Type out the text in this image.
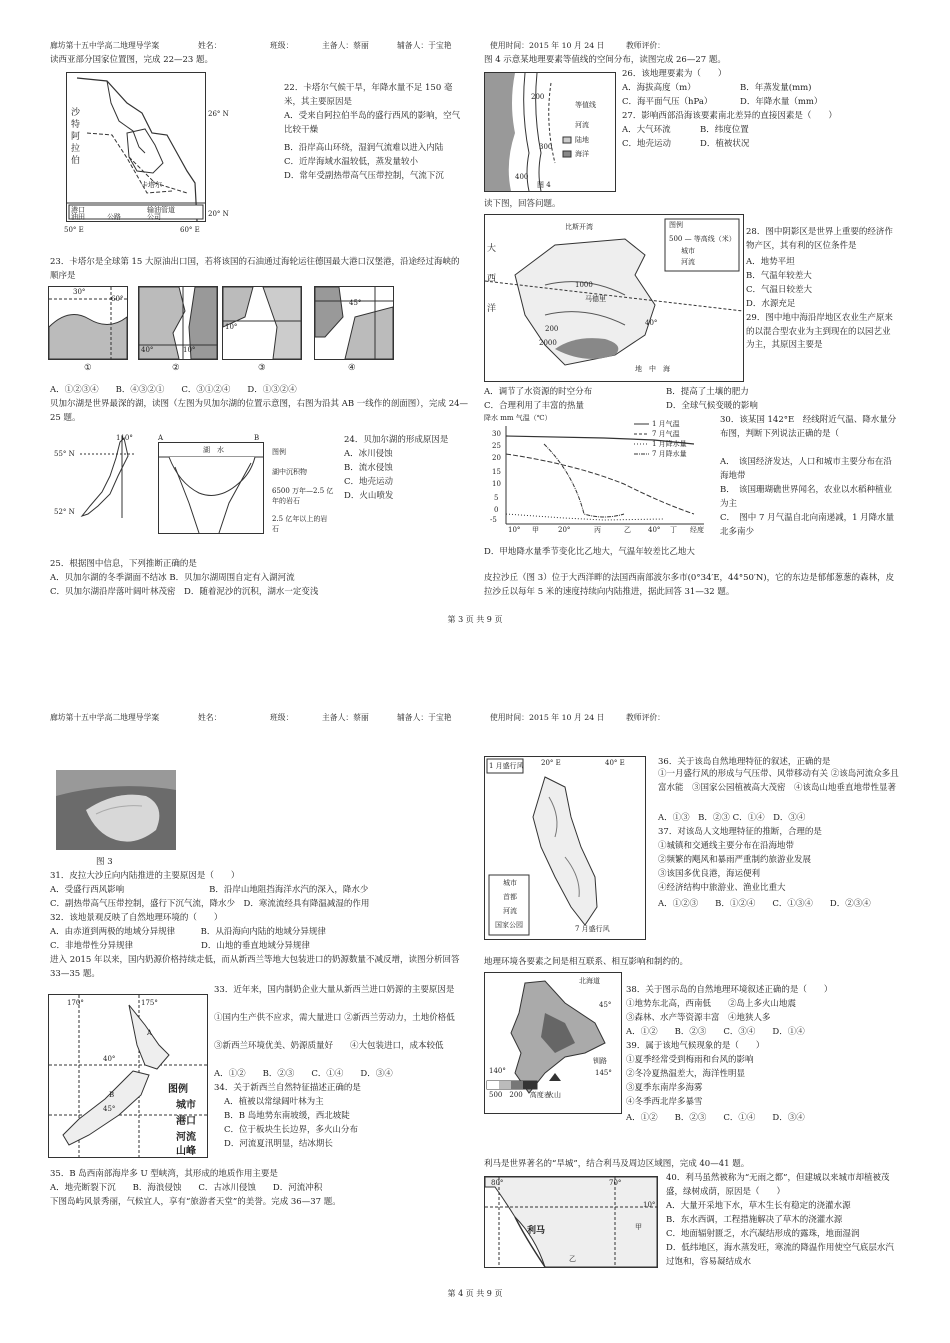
廊坊第十五中学高二地理导学案	姓名：	班级：	主备人：蔡丽	辅备人：于宝艳	使用时间：2015 年 10 月 24 日	教师评价：
读西亚部分国家位置图，完成 22—23 题。
沙
特
阿
拉
伯
卡塔尔
港口
油田	公路
输油管道
公司
26° N
20° N
50° E	60° E
22．卡塔尔气候干旱，年降水量不足 150 毫米，其主要原因是
A．受来自阿拉伯半岛的盛行西风的影响，空气比较干燥
B．沿岸高山环绕，湿润气流难以进入内陆
C．近岸海域水温较低，蒸发量较小
D．常年受副热带高气压带控制，气流下沉
23．卡塔尔是全球第 15 大原油出口国，若将该国的石油通过海轮运往德国最大港口汉堡港，沿途经过海峡的顺序是
30°
60°
40°	10°
10°
45°
①	②	③	④
A．①②③④　　B．④③②①　　C．③①②④　　D．①③②④
贝加尔湖是世界最深的湖，读图（左图为贝加尔湖的位置示意图，右图为沿其 AB 一线作的剖面图），完成 24—25 题。
110°
55° N
52° N
湖　水
A	B
图例
湖中沉积物
6500 万年—2.5 亿年的岩石
2.5 亿年以上的岩石
24．贝加尔湖的形成原因是
A．冰川侵蚀
B．流水侵蚀
C．地壳运动
D．火山喷发
25．根据图中信息，下列推断正确的是
A．贝加尔湖的冬季湖面不结冰 B．贝加尔湖周围自定有入湖河流
C．贝加尔湖沿岸落叶阔叶林茂密　D．随着泥沙的沉积，湖水一定变浅
图 4 示意某地理要素等值线的空间分布，读图完成 26—27 题。
等值线
河流
陆地
海洋
200
300
400
图 4
26．该地理要素为（　　）
A．海拔高度（m）	B．年蒸发量(mm)
C．海平面气压（hPa）	D．年降水量（mm）
27．影响西部沿海该要素南北差异的直接因素是（　　）
A．大气环流	B．纬度位置
C．地壳运动	D．植被状况
读下图，回答问题。
图例
500 — 等高线（米）
城市
河流
比斯开湾
大
西
洋
地　中　海
马德里
1000
200
2000
40°
28．图中阴影区是世界上重要的经济作物产区，其有利的区位条件是
A．地势平坦
B．气温年较差大
C．气温日较差大
D．水源充足
29．图中地中海沿岸地区农业生产原来的以混合型农业为主到现在的以园艺业为主，其原因主要是
A．调节了水资源的时空分布	B．提高了土壤的肥力
C．合理利用了丰富的热量	D．全球气候变暖的影响
降水 mm 气温（℃）
30
25
20
15
10
5
0
-5
10° 甲	20°	丙	乙 40° 丁 经度
1 月气温
7 月气温
1 月降水量
7 月降水量
30．该某国 142°E　经线附近气温、降水量分布图，判断下列说法正确的是（
A．　该国经济发达，人口和城市主要分布在沿海地带
B．　该国珊瑚礁世界闻名，农业以水稻种植业为主
C．　图中 7 月气温自北向南递减，1 月降水量北多南少
D．甲地降水量季节变化比乙地大，气温年较差比乙地大
皮拉沙丘（图 3）位于大西洋畔的法国西南部波尔多市(0°34′E，44°50′N)，它的东边是郁郁葱葱的森林，皮拉沙丘以每年 5 米的速度持续向内陆推进，据此回答 31—32 题。
第 3 页 共 9 页
廊坊第十五中学高二地理导学案	姓名：	班级：	主备人：蔡丽	辅备人：于宝艳	使用时间：2015 年 10 月 24 日	教师评价：
图 3
31．皮拉大沙丘向内陆推进的主要原因是（　　）
A．受盛行西风影响　　　　　　　　　　B．沿岸山地阻挡海洋水汽的深入，降水少
C．副热带高气压带控制，盛行下沉气流，降水少　D．寒流流经具有降温减湿的作用
32．该地景观反映了自然地理环境的（　　）
A．由赤道到两极的地域分异规律　　　B．从沿海向内陆的地域分异规律
C．非地带性分异规律　　　　　　　　D．山地的垂直地域分异规律
进入 2015 年以来，国内奶源价格持续走低，而从新西兰等地大包装进口的奶源数量不减反增，读图分析回答 33—35 题。
170°	175°
40°
45°
A
B	图例
城市
港口
河流
山峰
33．近年来，国内制奶企业大量从新西兰进口奶源的主要原因是
①国内生产供不应求，需大量进口 ②新西兰劳动力，土地价格低
③新西兰环境优美、奶源质量好　　④大包装进口，成本较低
A．①②　　B．②③　　C．①④　　D．③④
34．关于新西兰自然特征描述正确的是
A．植被以常绿阔叶林为主
B．B 岛地势东南坡缓，西北坡陡
C．位于板块生长边界，多火山分布
D．河流夏汛明显，结冰期长
35．B 岛西南部海岸多 U 型峡湾，其形成的地质作用主要是
A．地壳断裂下沉　　B．海浪侵蚀　　C．古冰川侵蚀　　D．河流冲积
下图岛屿风景秀丽，气候宜人，享有“旅游者天堂”的美誉。完成 36—37 题。
1 月盛行风 20° E	40° E
7 月盛行风
城市
首都
河流
国家公园
36．关于该岛自然地理特征的叙述，正确的是
①一月盛行风的形成与气压带、风带移动有关 ②该岛河流众多且富水能　③国家公园植被高大茂密　④该岛山地垂直地带性显著
A．①③　B．②③ C．①④　D．③④
37．对该岛人文地理特征的推断，合理的是
①城镇和交通线主要分布在沿海地带
②频繁的飓风和暴雨严重制约旅游业发展
③该国多优良港，海运便利
④经济结构中旅游业、渔业比重大
A．①②③　　B．①②④　　C．①③④　　D．②③④
地理环境各要素之间是相互联系、相互影响和制约的。
北海道
45°
钏路
500　200　高度表
火山
140°	145°
38．关于图示岛的自然地理环境叙述正确的是（　　）
①地势东北高，西南低　　②岛上多火山地震
③森林、水产等资源丰富　④地狭人多
A．①②　　B．②③　　C．③④　　D．①④
39．属于该地气候现象的是（　　）
①夏季经常受到梅雨和台风的影响
②冬冷夏热温差大，海洋性明显
③夏季东南岸多海雾
④冬季西北岸多暴雪
A．①②　　B．②③　　C．①④　　D．③④
利马是世界著名的“旱城”，结合利马及周边区域图，完成 40—41 题。
80°	70°
利马	甲
乙
10°
40．利马虽然被称为“无雨之都”，但建城以来城市却植被茂盛，绿树成荫，原因是（　　）
A．大量开采地下水，草木生长有稳定的浇灌水源
B．东水西调，工程措施解决了草木的浇灌水源
C．地面辐射匮乏，水汽凝结形成的露珠，地面湿润
D．低纬地区，海水蒸发旺，寒流的降温作用使空气底层水汽过饱和，容易凝结成水
第 4 页 共 9 页
